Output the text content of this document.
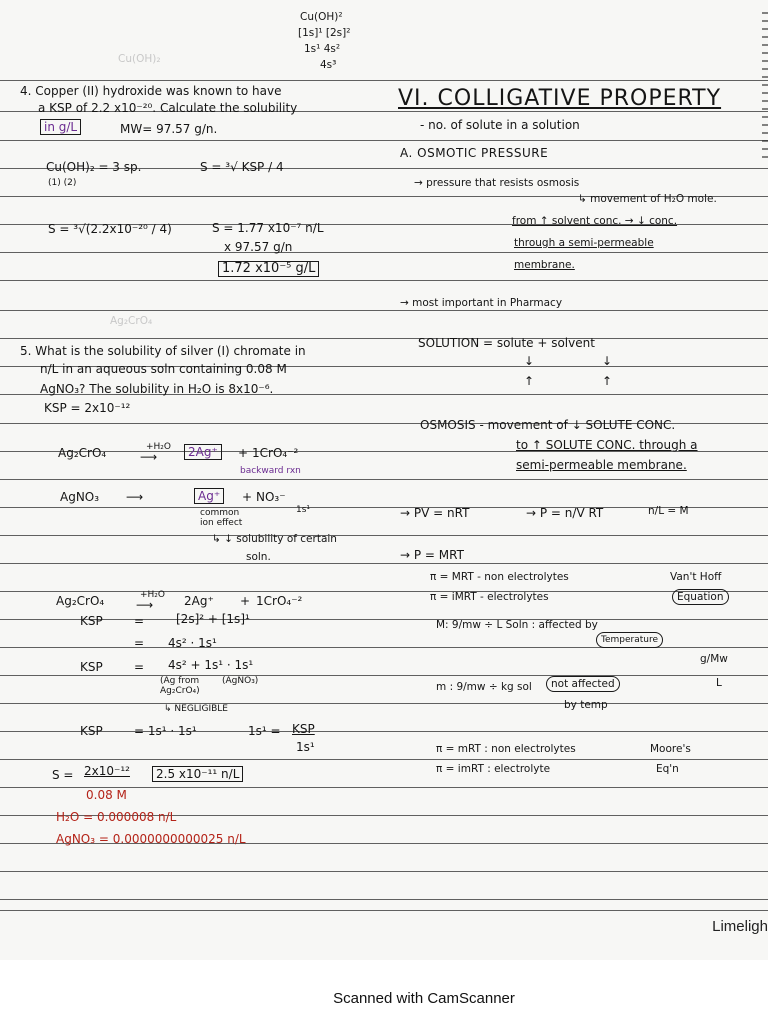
Cu(OH)²
[1s]¹ [2s]²
1s¹ 4s²
4s³
Cu(OH)₂
4. Copper (II) hydroxide was known to have
a KSP of 2.2 x10⁻²⁰. Calculate the solubility
in g/L	MW= 97.57 g/n.
Cu(OH)₂ = 3 sp.
(1) (2)
S = ³√ KSP / 4
S = ³√(2.2x10⁻²⁰ / 4)	S = 1.77 x10⁻⁷ n/L
x 97.57 g/n
1.72 x10⁻⁵ g/L
Ag₂CrO₄
5. What is the solubility of silver (I) chromate in
n/L in an aqueous soln containing 0.08 M
AgNO₃? The solubility in H₂O is 8x10⁻⁶.
KSP = 2x10⁻¹²
Ag₂CrO₄	+H₂O
⟶	2Ag⁺	+ 1CrO₄⁻²
backward rxn
AgNO₃ ⟶	Ag⁺	+ NO₃⁻
1s¹
common
ion effect
↳ ↓ solubility of certain
soln.
Ag₂CrO₄	+H₂O
⟶	2Ag⁺ + 1CrO₄⁻²
KSP	=	[2s]² + [1s]¹
= 4s² · 1s¹
KSP	= 4s² + 1s¹ · 1s¹
(Ag from
Ag₂CrO₄)
(AgNO₃)
↳ NEGLIGIBLE
KSP	= 1s¹ · 1s¹	1s¹ = KSP
1s¹
S = 2x10⁻¹²
0.08 M
2.5 x10⁻¹¹ n/L
H₂O = 0.000008 n/L
AgNO₃ = 0.0000000000025 n/L
VI. COLLIGATIVE PROPERTY
- no. of solute in a solution
A. OSMOTIC PRESSURE
→ pressure that resists osmosis
↳ movement of H₂O mole.
from ↑ solvent conc. → ↓ conc.
through a semi-permeable
membrane.
→ most important in Pharmacy
SOLUTION = solute + solvent
↓	↓
↑	↑
OSMOSIS - movement of ↓ SOLUTE CONC.
to ↑ SOLUTE CONC. through a
semi-permeable membrane.
→ PV = nRT	→ P = n/V RT	n/L = M
→ P = MRT
π = MRT - non electrolytes
π = iMRT - electrolytes
Van't Hoff
Equation
M: 9/mw ÷ L Soln : affected by
Temperature
g/Mw
L
m : 9/mw ÷ kg sol	not affected
by temp
π = mRT : non electrolytes
π = imRT : electrolyte
Moore's
Eq'n
Limeligh
Scanned with CamScanner
